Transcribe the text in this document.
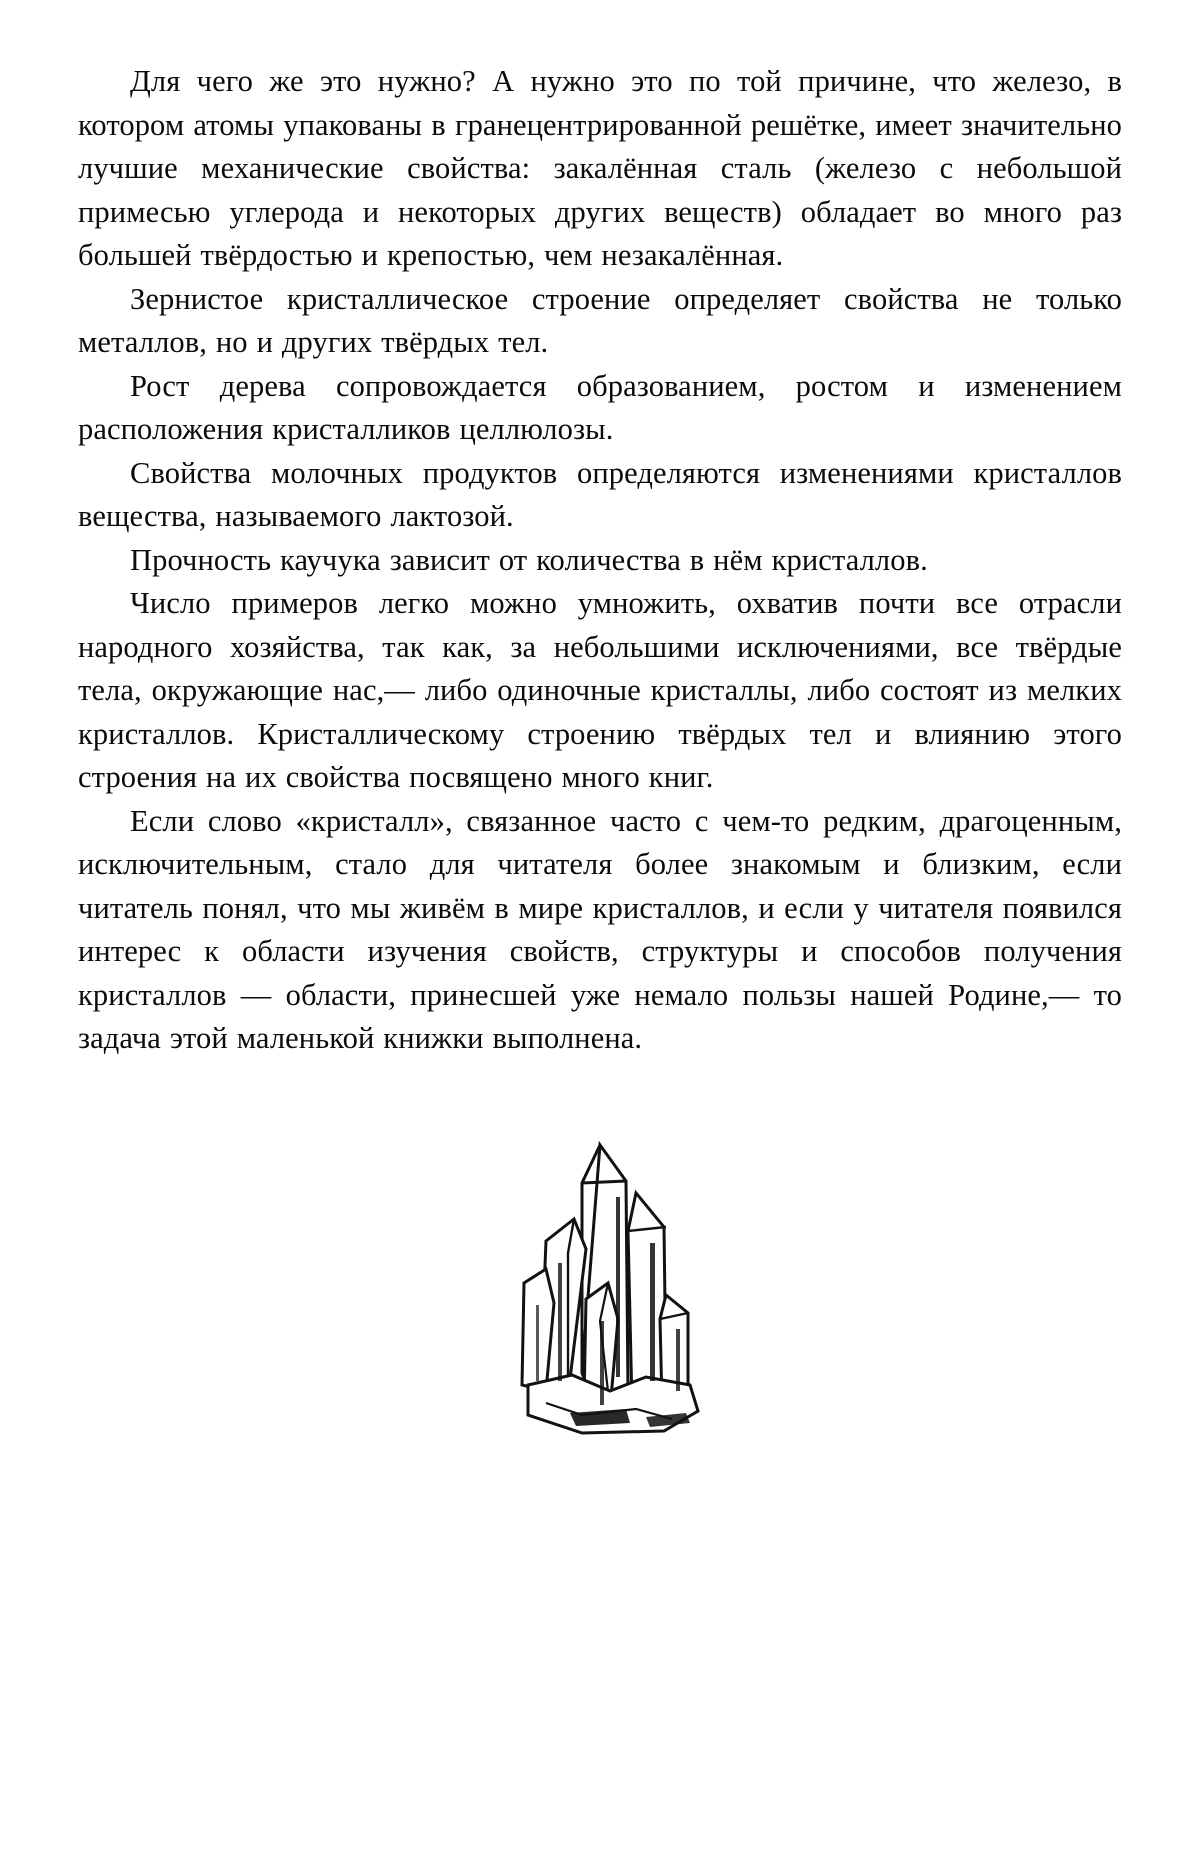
Для чего же это нужно? А нужно это по той причине, что железо, в котором атомы упакованы в гранецентрированной решётке, имеет значительно лучшие механические свойства: закалённая сталь (железо с небольшой примесью углерода и некоторых других веществ) обладает во много раз большей твёрдостью и крепостью, чем незакалённая.

Зернистое кристаллическое строение определяет свойства не только металлов, но и других твёрдых тел.

Рост дерева сопровождается образованием, ростом и изменением расположения кристалликов целлюлозы.

Свойства молочных продуктов определяются изменениями кристаллов вещества, называемого лактозой.

Прочность каучука зависит от количества в нём кристаллов.

Число примеров легко можно умножить, охватив почти все отрасли народного хозяйства, так как, за небольшими исключениями, все твёрдые тела, окружающие нас,— либо одиночные кристаллы, либо состоят из мелких кристаллов. Кристаллическому строению твёрдых тел и влиянию этого строения на их свойства посвящено много книг.

Если слово «кристалл», связанное часто с чем-то редким, драгоценным, исключительным, стало для читателя более знакомым и близким, если читатель понял, что мы живём в мире кристаллов, и если у читателя появился интерес к области изучения свойств, структуры и способов получения кристаллов — области, принесшей уже немало пользы нашей Родине,— то задача этой маленькой книжки выполнена.
